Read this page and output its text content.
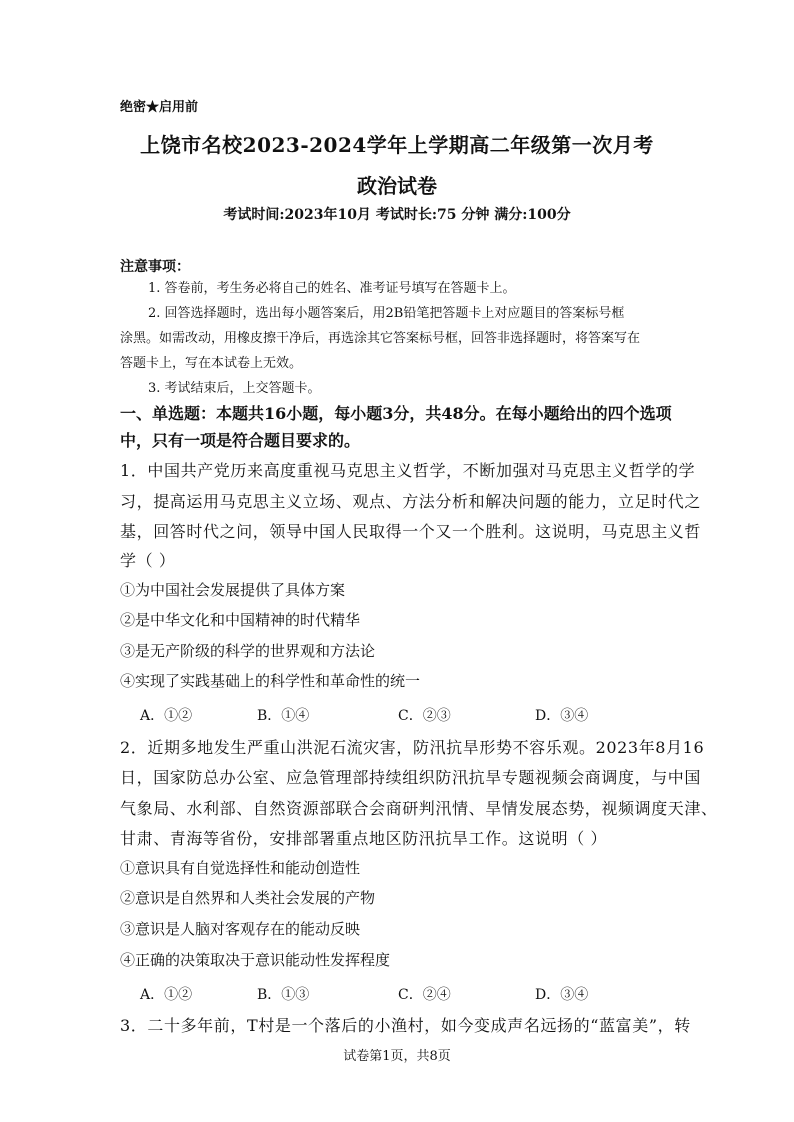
绝密★启用前
上饶市名校2023-2024学年上学期高二年级第一次月考
政治试卷
考试时间:2023年10月 考试时长:75 分钟 满分:100分
注意事项：
1. 答卷前，考生务必将自己的姓名、准考证号填写在答题卡上。
2. 回答选择题时，选出每小题答案后，用2B铅笔把答题卡上对应题目的答案标号框
涂黑。如需改动，用橡皮擦干净后，再选涂其它答案标号框，回答非选择题时，将答案写在
答题卡上，写在本试卷上无效。
3. 考试结束后，上交答题卡。
一、单选题：本题共16小题，每小题3分，共48分。在每小题给出的四个选项
中，只有一项是符合题目要求的。
1．中国共产党历来高度重视马克思主义哲学，不断加强对马克思主义哲学的学
习，提高运用马克思主义立场、观点、方法分析和解决问题的能力，立足时代之
基，回答时代之问，领导中国人民取得一个又一个胜利。这说明，马克思主义哲
学（ ）
①为中国社会发展提供了具体方案
②是中华文化和中国精神的时代精华
③是无产阶级的科学的世界观和方法论
④实现了实践基础上的科学性和革命性的统一
A．①②	B．①④	C．②③	D．③④
2．近期多地发生严重山洪泥石流灾害，防汛抗旱形势不容乐观。2023年8月16
日，国家防总办公室、应急管理部持续组织防汛抗旱专题视频会商调度，与中国
气象局、水利部、自然资源部联合会商研判汛情、旱情发展态势，视频调度天津、
甘肃、青海等省份，安排部署重点地区防汛抗旱工作。这说明（ ）
①意识具有自觉选择性和能动创造性
②意识是自然界和人类社会发展的产物
③意识是人脑对客观存在的能动反映
④正确的决策取决于意识能动性发挥程度
A．①②	B．①③	C．②④	D．③④
3．二十多年前，T村是一个落后的小渔村，如今变成声名远扬的“蓝富美”，转
试卷第1页，共8页
